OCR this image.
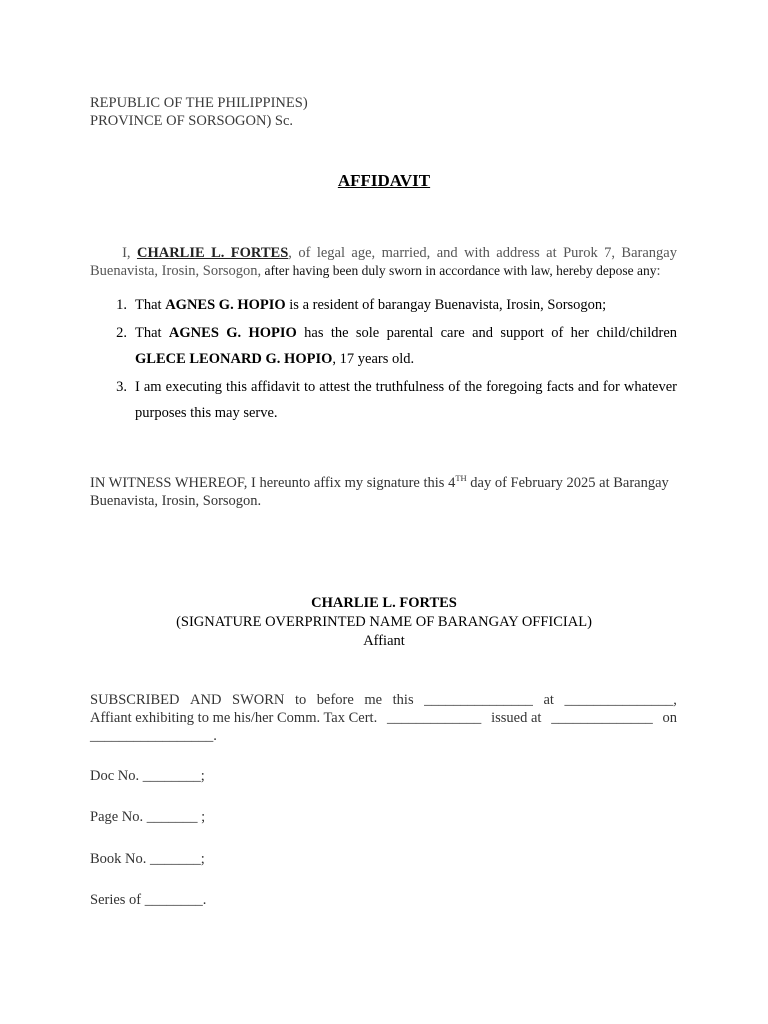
REPUBLIC OF THE PHILIPPINES)
PROVINCE OF SORSOGON) Sc.
AFFIDAVIT
I, CHARLIE L. FORTES, of legal age, married, and with address at Purok 7, Barangay Buenavista, Irosin, Sorsogon, after having been duly sworn in accordance with law, hereby depose any:
1. That AGNES G. HOPIO is a resident of barangay Buenavista, Irosin, Sorsogon;
2. That AGNES G. HOPIO has the sole parental care and support of her child/children GLECE LEONARD G. HOPIO, 17 years old.
3. I am executing this affidavit to attest the truthfulness of the foregoing facts and for whatever purposes this may serve.
IN WITNESS WHEREOF, I hereunto affix my signature this 4TH day of February 2025 at Barangay Buenavista, Irosin, Sorsogon.
CHARLIE L. FORTES
(SIGNATURE OVERPRINTED NAME OF BARANGAY OFFICIAL)
Affiant
SUBSCRIBED AND SWORN to before me this _______________ at _______________,
Affiant exhibiting to me his/her Comm. Tax Cert. _____________ issued at ______________ on
_________________.
Doc No. ________;
Page No. _______ ;
Book No. _______;
Series of ________.
